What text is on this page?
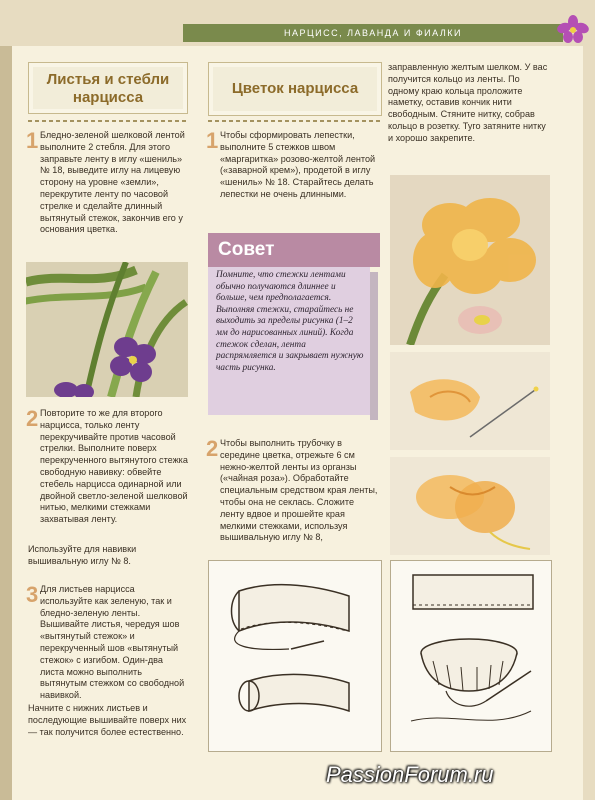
НАРЦИСС, ЛАВАНДА И ФИАЛКИ
Листья и стебли нарцисса
1 Бледно-зеленой шелковой лентой выполните 2 стебля. Для этого заправьте ленту в иглу «шениль» № 18, выведите иглу на лицевую сторону на уровне «земли», перекрутите ленту по часовой стрелке и сделайте длинный вытянутый стежок, закончив его у основания цветка.

2 Повторите то же для второго нарцисса, только ленту перекручивайте против часовой стрелки. Выполните поверх перекрученного вытянутого стежка свободную навивку: обвейте стебель нарцисса одинарной или двойной светло-зеленой шелковой нитью, мелкими стежками захватывая ленту.

Используйте для навивки вышивальную иглу № 8.

3 Для листьев нарцисса используйте как зеленую, так и бледно-зеленую ленты. Вышивайте листья, чередуя шов «вытянутый стежок» и перекрученный шов «вытянутый стежок» с изгибом. Один-два листа можно выполнить вытянутым стежком со свободной навивкой.

Начните с нижних листьев и последующие вышивайте поверх них — так получится более естественно.

Цветок нарцисса
1 Чтобы сформировать лепестки, выполните 5 стежков швом «маргаритка» розово-желтой лентой («заварной крем»), продетой в иглу «шениль» № 18. Старайтесь делать лепестки не очень длинными.

Совет

Помните, что стежки лентами обычно получаются длиннее и больше, чем предполагается. Выполняя стежки, старайтесь не выходить за пределы рисунка (1–2 мм до нарисованных линий). Когда стежок сделан, лента распрямляется и закрывает нужную часть рисунка.

2 Чтобы выполнить трубочку в середине цветка, отрежьте 6 см нежно-желтой ленты из органзы («чайная роза»). Обработайте специальным средством края ленты, чтобы она не секлась. Сложите ленту вдвое и прошейте края мелкими стежками, используя вышивальную иглу № 8,

заправленную желтым шелком. У вас получится кольцо из ленты. По одному краю кольца проложите наметку, оставив кончик нити свободным. Стяните нитку, собрав кольцо в розетку. Туго затяните нитку и хорошо закрепите.

PassionForum.ru
